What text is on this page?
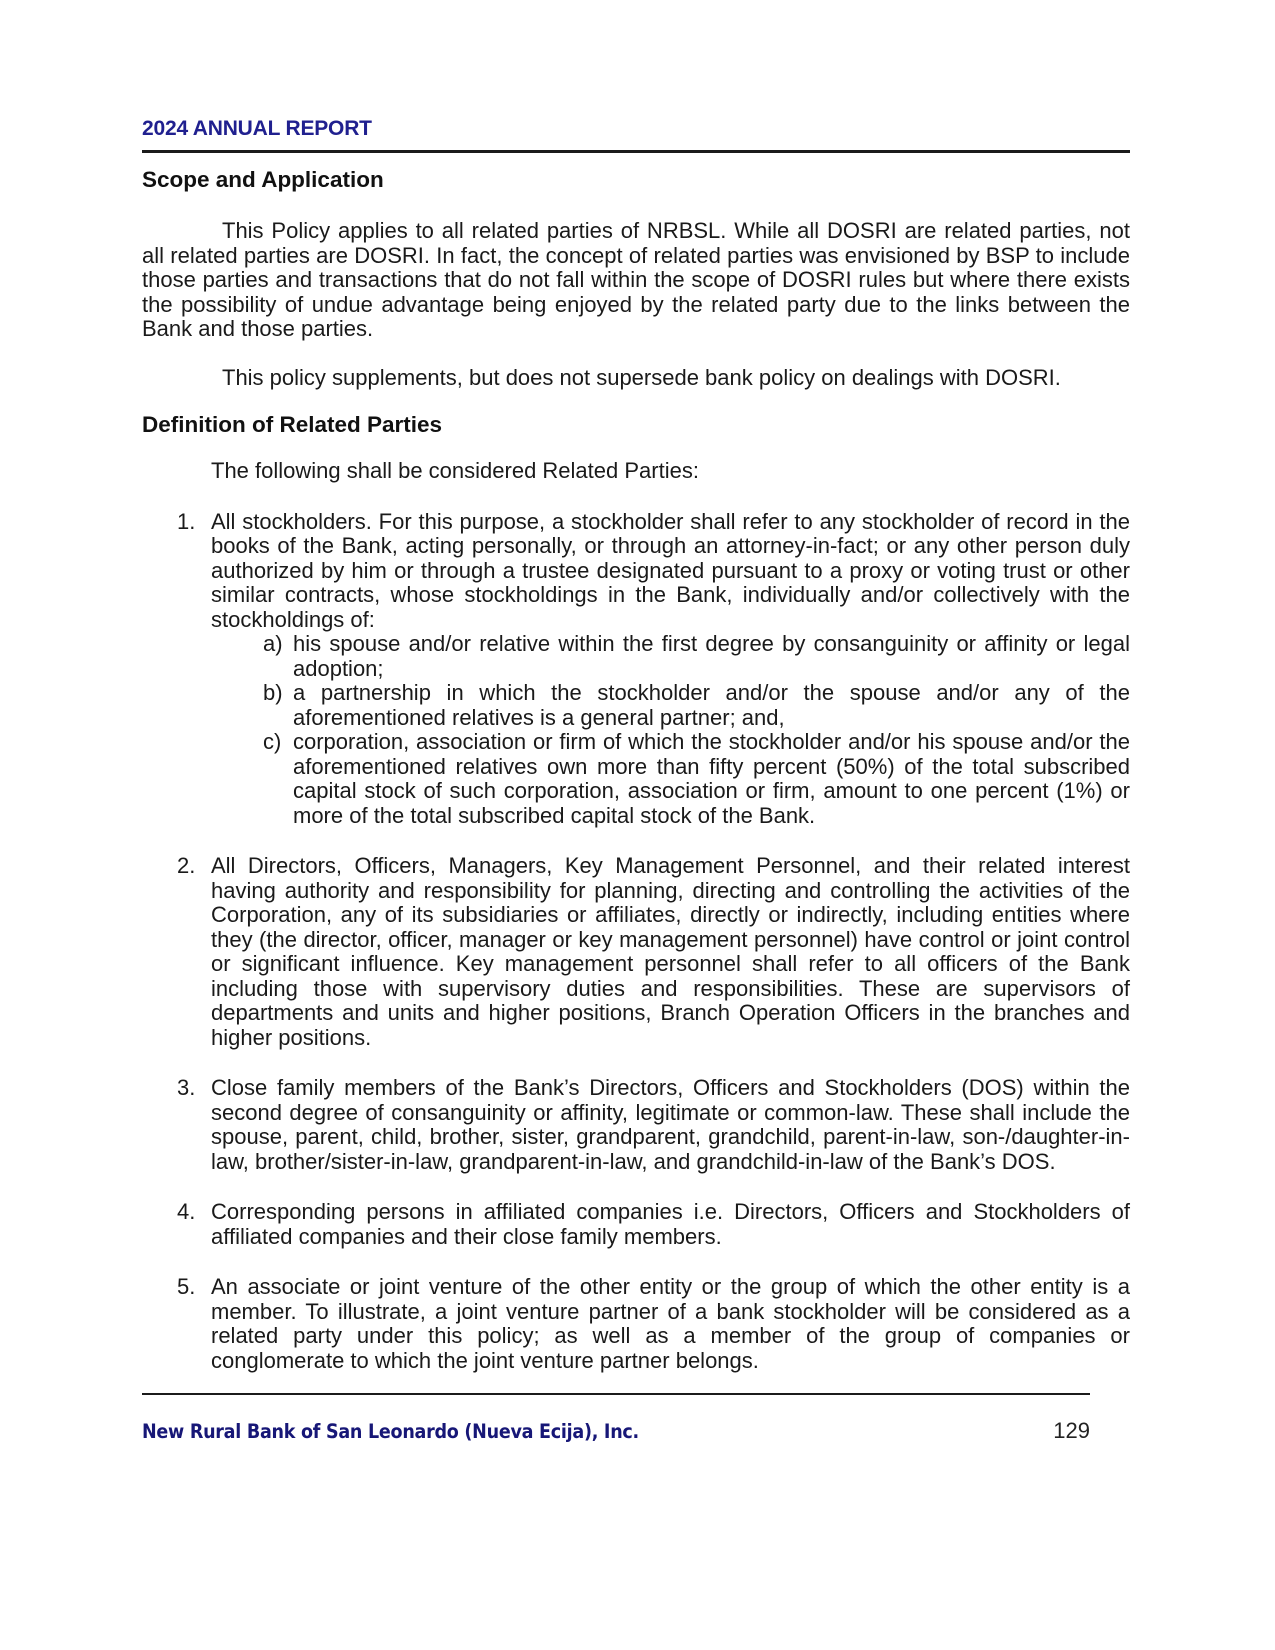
2024 ANNUAL REPORT
Scope and Application

This Policy applies to all related parties of NRBSL. While all DOSRI are related parties, not all related parties are DOSRI. In fact, the concept of related parties was envisioned by BSP to include those parties and transactions that do not fall within the scope of DOSRI rules but where there exists the possibility of undue advantage being enjoyed by the related party due to the links between the Bank and those parties.

This policy supplements, but does not supersede bank policy on dealings with DOSRI.

Definition of Related Parties

The following shall be considered Related Parties:

1. All stockholders. For this purpose, a stockholder shall refer to any stockholder of record in the books of the Bank, acting personally, or through an attorney-in-fact; or any other person duly authorized by him or through a trustee designated pursuant to a proxy or voting trust or other similar contracts, whose stockholdings in the Bank, individually and/or collectively with the stockholdings of:
a) his spouse and/or relative within the first degree by consanguinity or affinity or legal adoption;
b) a partnership in which the stockholder and/or the spouse and/or any of the aforementioned relatives is a general partner; and,
c) corporation, association or firm of which the stockholder and/or his spouse and/or the aforementioned relatives own more than fifty percent (50%) of the total subscribed capital stock of such corporation, association or firm, amount to one percent (1%) or more of the total subscribed capital stock of the Bank.
2. All Directors, Officers, Managers, Key Management Personnel, and their related interest having authority and responsibility for planning, directing and controlling the activities of the Corporation, any of its subsidiaries or affiliates, directly or indirectly, including entities where they (the director, officer, manager or key management personnel) have control or joint control or significant influence. Key management personnel shall refer to all officers of the Bank including those with supervisory duties and responsibilities. These are supervisors of departments and units and higher positions, Branch Operation Officers in the branches and higher positions.
3. Close family members of the Bank’s Directors, Officers and Stockholders (DOS) within the second degree of consanguinity or affinity, legitimate or common-law. These shall include the spouse, parent, child, brother, sister, grandparent, grandchild, parent-in-law, son-/daughter-in-law, brother/sister-in-law, grandparent-in-law, and grandchild-in-law of the Bank’s DOS.
4. Corresponding persons in affiliated companies i.e. Directors, Officers and Stockholders of affiliated companies and their close family members.
5. An associate or joint venture of the other entity or the group of which the other entity is a member. To illustrate, a joint venture partner of a bank stockholder will be considered as a related party under this policy; as well as a member of the group of companies or conglomerate to which the joint venture partner belongs.
New Rural Bank of San Leonardo (Nueva Ecija), Inc.	129
